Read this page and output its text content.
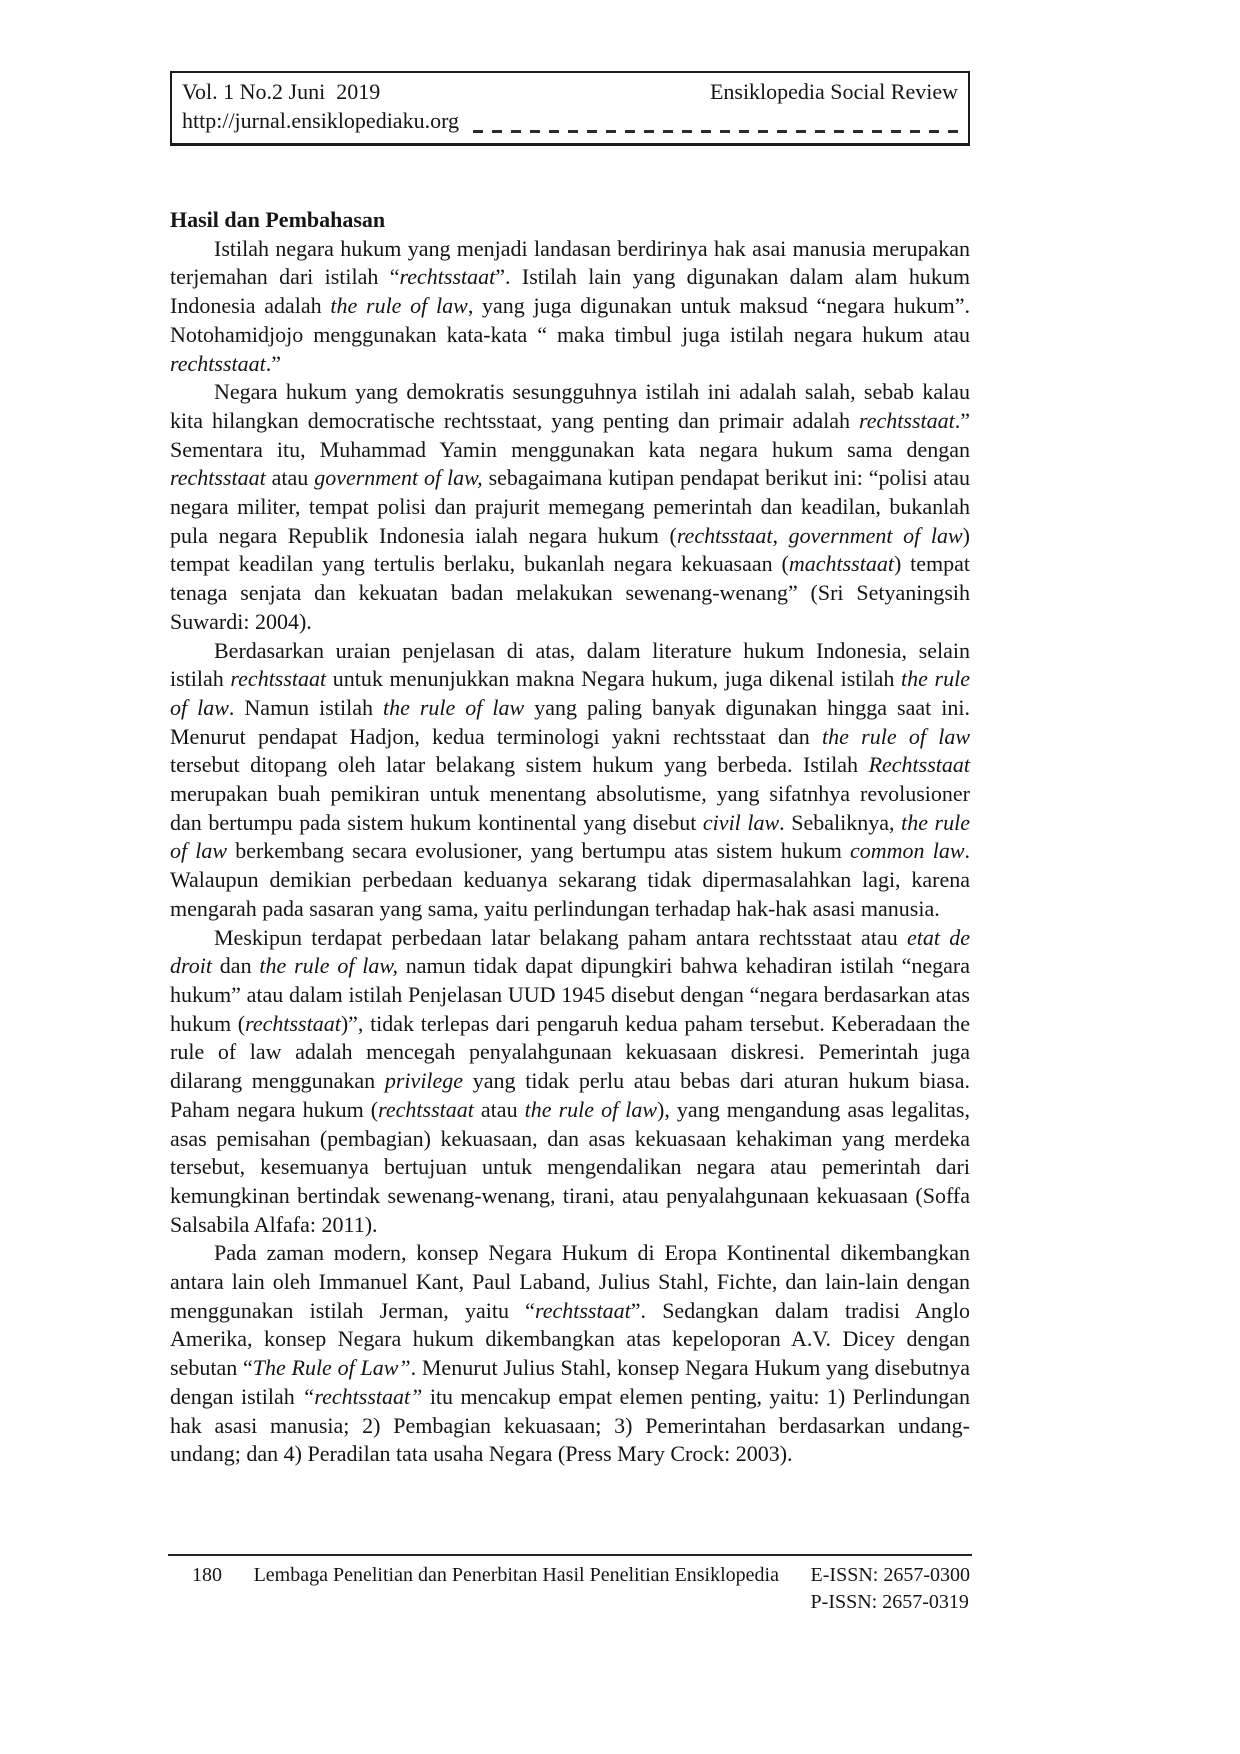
Vol. 1 No.2 Juni  2019	Ensiklopedia Social Review
http://jurnal.ensiklopediaku.org

Hasil dan Pembahasan

Istilah negara hukum yang menjadi landasan berdirinya hak asai manusia merupakan terjemahan dari istilah “rechtsstaat”. Istilah lain yang digunakan dalam alam hukum Indonesia adalah the rule of law, yang juga digunakan untuk maksud “negara hukum”. Notohamidjojo menggunakan kata-kata “ maka timbul juga istilah negara hukum atau rechtsstaat.”

Negara hukum yang demokratis sesungguhnya istilah ini adalah salah, sebab kalau kita hilangkan democratische rechtsstaat, yang penting dan primair adalah rechtsstaat.” Sementara itu, Muhammad Yamin menggunakan kata negara hukum sama dengan rechtsstaat atau government of law, sebagaimana kutipan pendapat berikut ini: “polisi atau negara militer, tempat polisi dan prajurit memegang pemerintah dan keadilan, bukanlah pula negara Republik Indonesia ialah negara hukum (rechtsstaat, government of law) tempat keadilan yang tertulis berlaku, bukanlah negara kekuasaan (machtsstaat) tempat tenaga senjata dan kekuatan badan melakukan sewenang-wenang” (Sri Setyaningsih Suwardi: 2004).

Berdasarkan uraian penjelasan di atas, dalam literature hukum Indonesia, selain istilah rechtsstaat untuk menunjukkan makna Negara hukum, juga dikenal istilah the rule of law. Namun istilah the rule of law yang paling banyak digunakan hingga saat ini. Menurut pendapat Hadjon, kedua terminologi yakni rechtsstaat dan the rule of law tersebut ditopang oleh latar belakang sistem hukum yang berbeda. Istilah Rechtsstaat merupakan buah pemikiran untuk menentang absolutisme, yang sifatnhya revolusioner dan bertumpu pada sistem hukum kontinental yang disebut civil law. Sebaliknya, the rule of law berkembang secara evolusioner, yang bertumpu atas sistem hukum common law. Walaupun demikian perbedaan keduanya sekarang tidak dipermasalahkan lagi, karena mengarah pada sasaran yang sama, yaitu perlindungan terhadap hak-hak asasi manusia.

Meskipun terdapat perbedaan latar belakang paham antara rechtsstaat atau etat de droit dan the rule of law, namun tidak dapat dipungkiri bahwa kehadiran istilah “negara hukum” atau dalam istilah Penjelasan UUD 1945 disebut dengan “negara berdasarkan atas hukum (rechtsstaat)”, tidak terlepas dari pengaruh kedua paham tersebut. Keberadaan the rule of law adalah mencegah penyalahgunaan kekuasaan diskresi. Pemerintah juga dilarang menggunakan privilege yang tidak perlu atau bebas dari aturan hukum biasa. Paham negara hukum (rechtsstaat atau the rule of law), yang mengandung asas legalitas, asas pemisahan (pembagian) kekuasaan, dan asas kekuasaan kehakiman yang merdeka tersebut, kesemuanya bertujuan untuk mengendalikan negara atau pemerintah dari kemungkinan bertindak sewenang-wenang, tirani, atau penyalahgunaan kekuasaan (Soffa Salsabila Alfafa: 2011).

Pada zaman modern, konsep Negara Hukum di Eropa Kontinental dikembangkan antara lain oleh Immanuel Kant, Paul Laband, Julius Stahl, Fichte, dan lain-lain dengan menggunakan istilah Jerman, yaitu “rechtsstaat”. Sedangkan dalam tradisi Anglo Amerika, konsep Negara hukum dikembangkan atas kepeloporan A.V. Dicey dengan sebutan “The Rule of Law”. Menurut Julius Stahl, konsep Negara Hukum yang disebutnya dengan istilah “rechtsstaat” itu mencakup empat elemen penting, yaitu: 1) Perlindungan hak asasi manusia; 2) Pembagian kekuasaan; 3) Pemerintahan berdasarkan undang-undang; dan 4) Peradilan tata usaha Negara (Press Mary Crock: 2003).

180	Lembaga Penelitian dan Penerbitan Hasil Penelitian Ensiklopedia	E-ISSN: 2657-0300
P-ISSN: 2657-0319
